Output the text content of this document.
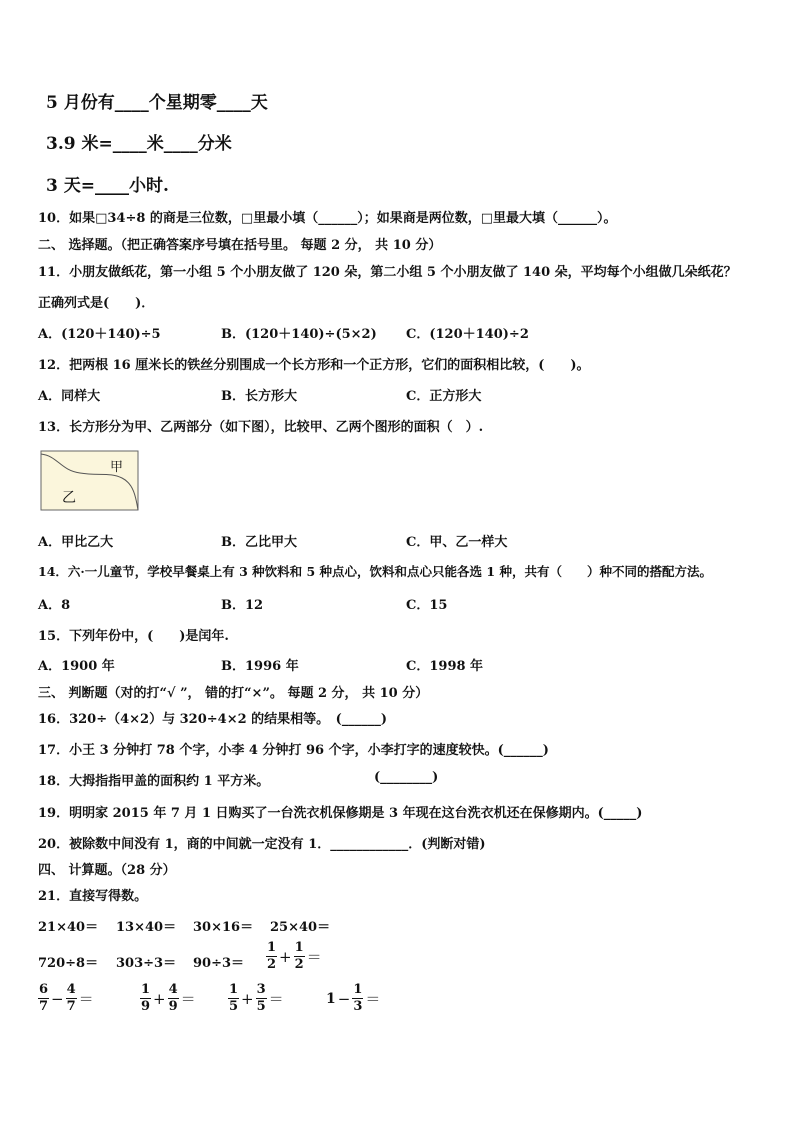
5 月份有____个星期零____天
3.9 米=____米____分米
3 天=____小时.
10．如果□34÷8 的商是三位数，□里最小填（______）；如果商是两位数，□里最大填（______）。
二、 选择题。（把正确答案序号填在括号里。 每题 2 分， 共 10 分）
11．小朋友做纸花，第一小组 5 个小朋友做了 120 朵，第二小组 5 个小朋友做了 140 朵，平均每个小组做几朵纸花？
正确列式是(　　)．
A．(120＋140)÷5	B．(120＋140)÷(5×2) C．(120＋140)÷2
12．把两根 16 厘米长的铁丝分别围成一个长方形和一个正方形，它们的面积相比较，(　　)。
A．同样大	B．长方形大	C．正方形大
13．长方形分为甲、乙两部分（如下图），比较甲、乙两个图形的面积（　）.
甲
乙
A．甲比乙大	B．乙比甲大	C．甲、乙一样大
14．六·一儿童节，学校早餐桌上有 3 种饮料和 5 种点心，饮料和点心只能各选 1 种，共有（　　）种不同的搭配方法。
A．8	B．12	C．15
15．下列年份中，(　　)是闰年.
A．1900 年	B．1996 年	C．1998 年
三、 判断题（对的打“√ ”， 错的打“×”。 每题 2 分， 共 10 分）
16．320÷（4×2）与 320÷4×2 的结果相等。　(______)
17．小王 3 分钟打 78 个字，小李 4 分钟打 96 个字，小李打字的速度较快。(______)
18．大拇指指甲盖的面积约 1 平方米。	(________)
19．明明家 2015 年 7 月 1 日购买了一台洗衣机保修期是 3 年现在这台洗衣机还在保修期内。(_____)
20．被除数中间没有 1，商的中间就一定没有 1．____________．(判断对错)
四、 计算题。（28 分）
21．直接写得数。
21×40＝ 13×40＝ 30×16＝ 25×40＝
$720\div 8= 303\div 3= 90\div 3= \frac{1}{2} + \frac{1}{2}$ ＝
$\frac{6}{7} - \frac{4}{7}$ ＝	$\frac{1}{9} + \frac{4}{9} = \frac{1}{5} + \frac{3}{5}$ ＝	$1 - \frac{1}{3}$ ＝
